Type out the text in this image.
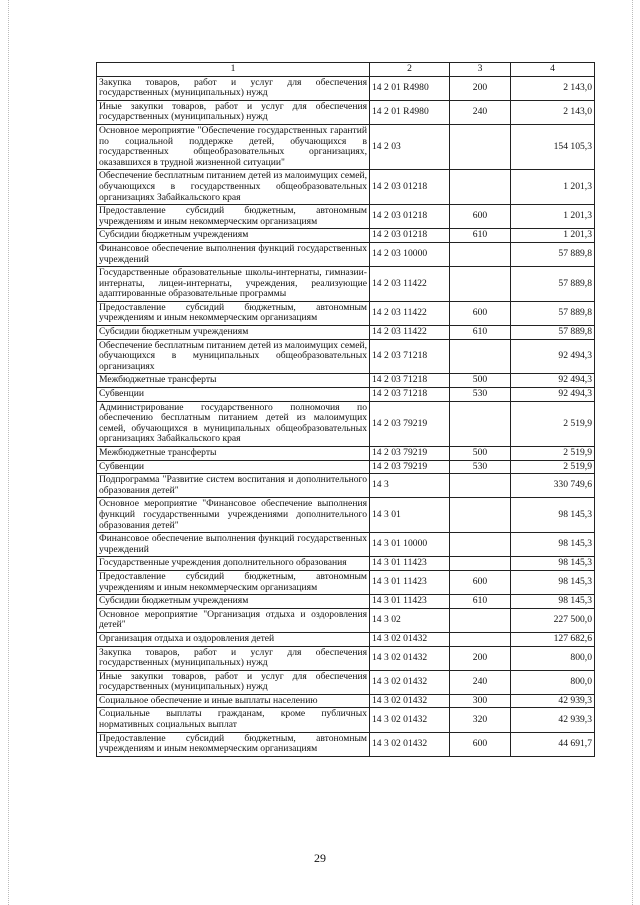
1	2	3	4
Закупка товаров, работ и услуг для обеспечения государственных (муниципальных) нужд	14 2 01 R4980	200	2 143,0
Иные закупки товаров, работ и услуг для обеспечения государственных (муниципальных) нужд	14 2 01 R4980	240	2 143,0
Основное мероприятие "Обеспечение государственных гарантий по социальной поддержке детей, обучающихся в государственных общеобразовательных организациях, оказавшихся в трудной жизненной ситуации"	14 2 03		154 105,3
Обеспечение бесплатным питанием детей из малоимущих семей, обучающихся в государственных общеобразовательных организациях Забайкальского края	14 2 03 01218		1 201,3
Предоставление субсидий бюджетным, автономным учреждениям и иным некоммерческим организациям	14 2 03 01218	600	1 201,3
Субсидии бюджетным учреждениям	14 2 03 01218	610	1 201,3
Финансовое обеспечение выполнения функций государственных учреждений	14 2 03 10000		57 889,8
Государственные образовательные школы-интернаты, гимназии-интернаты, лицеи-интернаты, учреждения, реализующие адаптированные образовательные программы	14 2 03 11422		57 889,8
Предоставление субсидий бюджетным, автономным учреждениям и иным некоммерческим организациям	14 2 03 11422	600	57 889,8
Субсидии бюджетным учреждениям	14 2 03 11422	610	57 889,8
Обеспечение бесплатным питанием детей из малоимущих семей, обучающихся в муниципальных общеобразовательных организациях	14 2 03 71218		92 494,3
Межбюджетные трансферты	14 2 03 71218	500	92 494,3
Субвенции	14 2 03 71218	530	92 494,3
Администрирование государственного полномочия по обеспечению бесплатным питанием детей из малоимущих семей, обучающихся в муниципальных общеобразовательных организациях Забайкальского края	14 2 03 79219		2 519,9
Межбюджетные трансферты	14 2 03 79219	500	2 519,9
Субвенции	14 2 03 79219	530	2 519,9
Подпрограмма "Развитие систем воспитания и дополнительного образования детей"	14 3		330 749,6
Основное мероприятие "Финансовое обеспечение выполнения функций государственными учреждениями дополнительного образования детей"	14 3 01		98 145,3
Финансовое обеспечение выполнения функций государственных учреждений	14 3 01 10000		98 145,3
Государственные учреждения дополнительного образования	14 3 01 11423		98 145,3
Предоставление субсидий бюджетным, автономным учреждениям и иным некоммерческим организациям	14 3 01 11423	600	98 145,3
Субсидии бюджетным учреждениям	14 3 01 11423	610	98 145,3
Основное мероприятие "Организация отдыха и оздоровления детей"	14 3 02		227 500,0
Организация отдыха и оздоровления детей	14 3 02 01432		127 682,6
Закупка товаров, работ и услуг для обеспечения государственных (муниципальных) нужд	14 3 02 01432	200	800,0
Иные закупки товаров, работ и услуг для обеспечения государственных (муниципальных) нужд	14 3 02 01432	240	800,0
Социальное обеспечение и иные выплаты населению	14 3 02 01432	300	42 939,3
Социальные выплаты гражданам, кроме публичных нормативных социальных выплат	14 3 02 01432	320	42 939,3
Предоставление субсидий бюджетным, автономным учреждениям и иным некоммерческим организациям	14 3 02 01432	600	44 691,7
29
